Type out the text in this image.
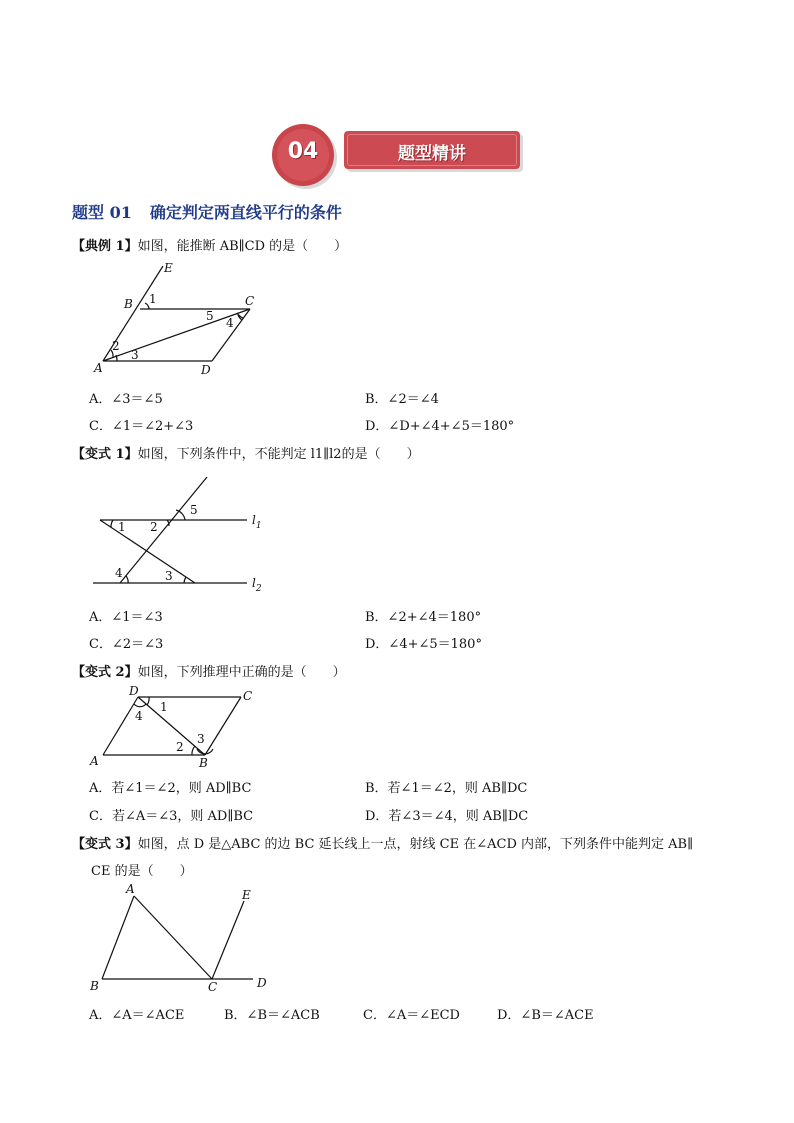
04	题型精讲
题型 01 确定判定两直线平行的条件
【典例 1】如图，能推断 AB∥CD 的是（　　）
E
B	C
A	D
1
2
3
4
5
1 2
5
4	3
$l_1$
$l_2$
D	C
A	B
4
1
2
3
A	E
B	C	D
A．∠3＝∠5	B．∠2＝∠4
C．∠1＝∠2+∠3	D．∠D+∠4+∠5＝180°
【变式 1】如图，下列条件中，不能判定 l1∥l2的是（　　）
A．∠1＝∠3	B．∠2+∠4＝180°
C．∠2＝∠3	D．∠4+∠5＝180°
【变式 2】如图，下列推理中正确的是（　　）
A．若∠1＝∠2，则 AD∥BC	B．若∠1＝∠2，则 AB∥DC
C．若∠A＝∠3，则 AD∥BC	D．若∠3＝∠4，则 AB∥DC
【变式 3】如图，点 D 是△ABC 的边 BC 延长线上一点，射线 CE 在∠ACD 内部，下列条件中能判定 AB∥
CE 的是（　　）
A．∠A＝∠ACE	B．∠B＝∠ACB	C．∠A＝∠ECD	D．∠B＝∠ACE
